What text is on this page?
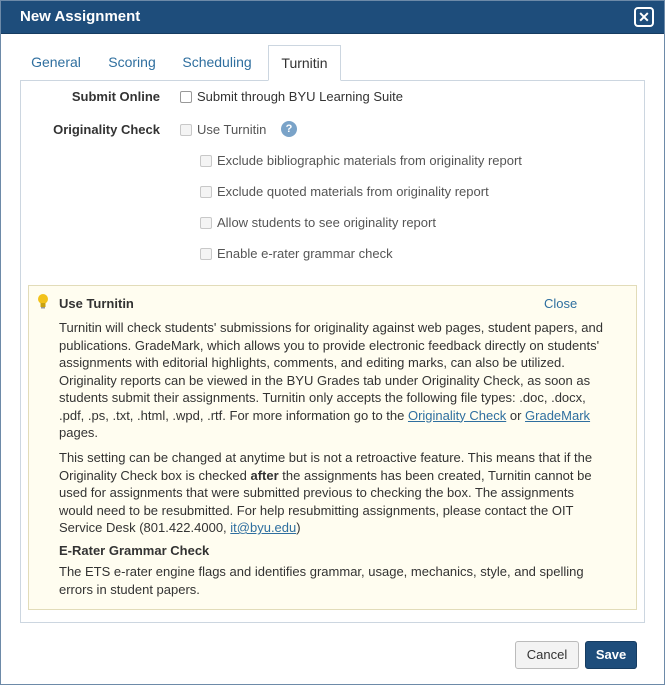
New Assignment	✕
General	Scoring	Scheduling	Turnitin
Submit Online	Submit through BYU Learning Suite
Originality Check	Use Turnitin	?
Exclude bibliographic materials from originality report
Exclude quoted materials from originality report
Allow students to see originality report
Enable e-rater grammar check
Use Turnitin	Close

Turnitin will check students' submissions for originality against web pages, student papers, and publications. GradeMark, which allows you to provide electronic feedback directly on students' assignments with editorial highlights, comments, and editing marks, can also be utilized. Originality reports can be viewed in the BYU Grades tab under Originality Check, as soon as students submit their assignments. Turnitin only accepts the following file types: .doc, .docx, .pdf, .ps, .txt, .html, .wpd, .rtf. For more information go to the Originality Check or GradeMark pages.

This setting can be changed at anytime but is not a retroactive feature. This means that if the Originality Check box is checked after the assignments has been created, Turnitin cannot be used for assignments that were submitted previous to checking the box. The assignments would need to be resubmitted. For help resubmitting assignments, please contact the OIT Service Desk (801.422.4000, it@byu.edu)

E-Rater Grammar Check

The ETS e-rater engine flags and identifies grammar, usage, mechanics, style, and spelling errors in student papers.

Cancel	Save
